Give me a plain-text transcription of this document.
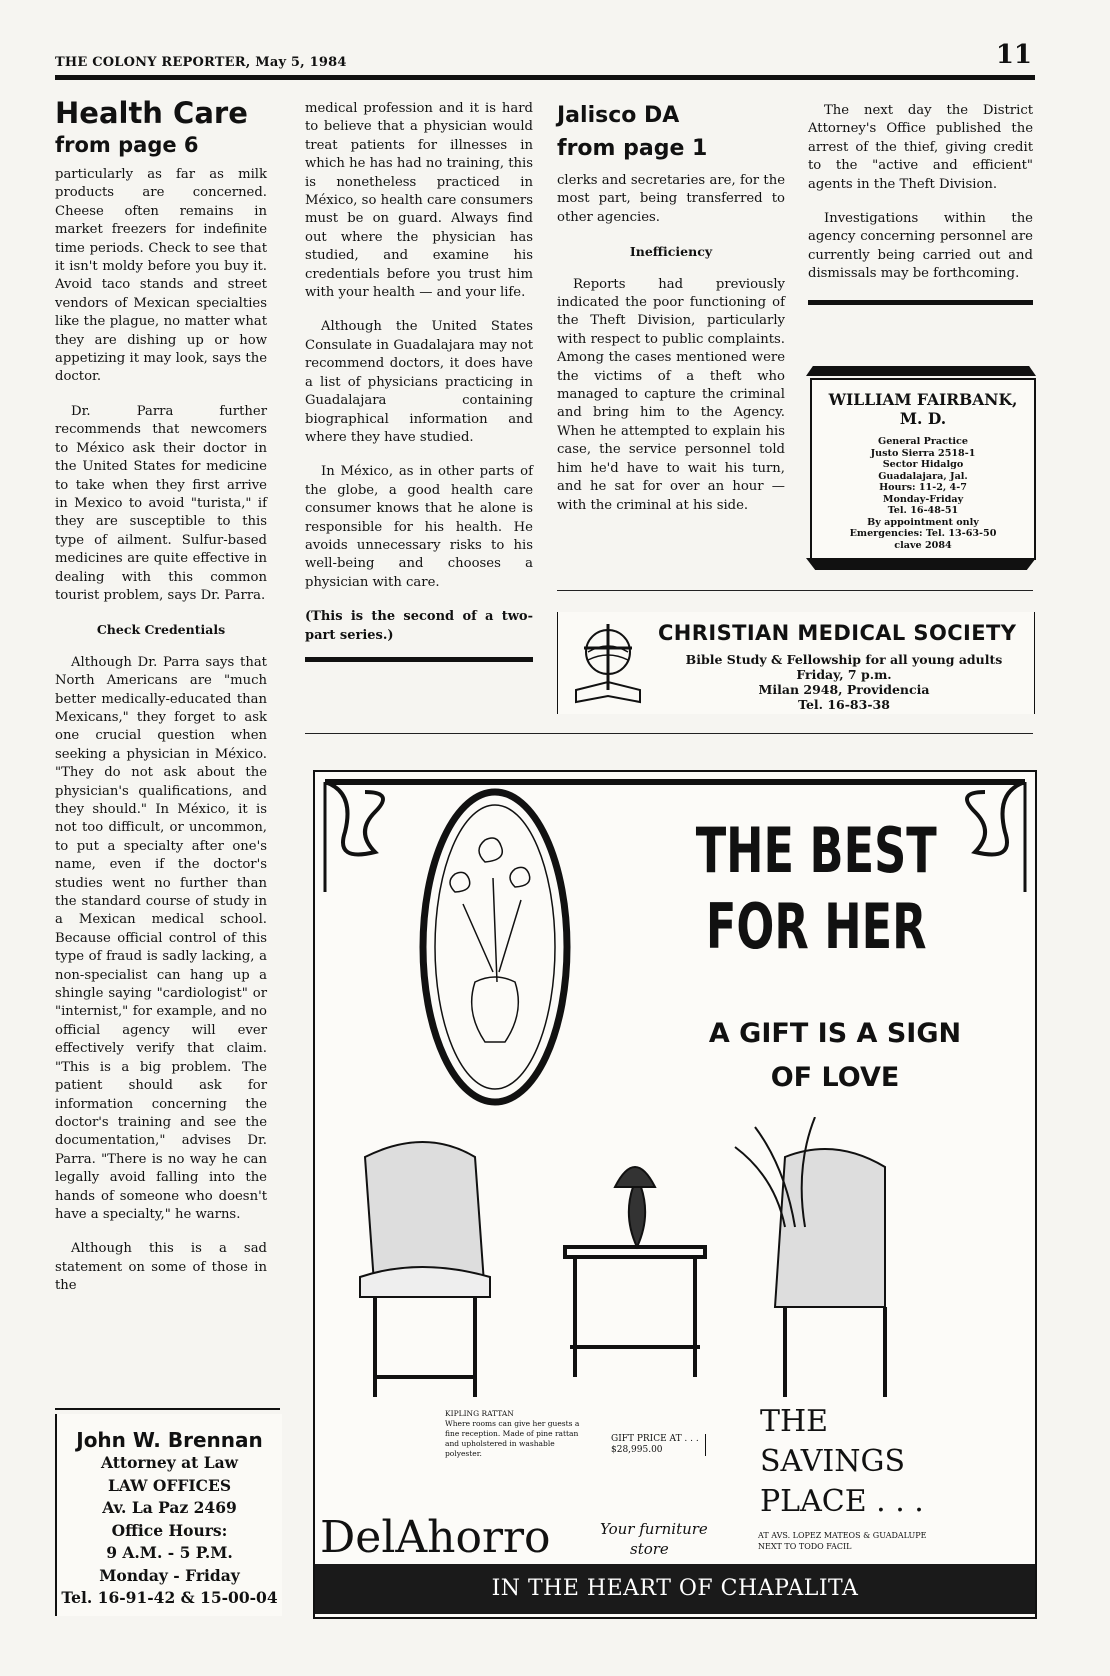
THE COLONY REPORTER, May 5, 1984	11
Health Care
from page 6

particularly as far as milk products are concerned. Cheese often remains in market freezers for indefinite time periods. Check to see that it isn't moldy before you buy it. Avoid taco stands and street vendors of Mexican specialties like the plague, no matter what they are dishing up or how appetizing it may look, says the doctor.

Dr. Parra further recommends that newcomers to México ask their doctor in the United States for medicine to take when they first arrive in Mexico to avoid "turista," if they are susceptible to this type of ailment. Sulfur-based medicines are quite effective in dealing with this common tourist problem, says Dr. Parra.

Check Credentials

Although Dr. Parra says that North Americans are "much better medically-educated than Mexicans," they forget to ask one crucial question when seeking a physician in México. "They do not ask about the physician's qualifications, and they should." In México, it is not too difficult, or uncommon, to put a specialty after one's name, even if the doctor's studies went no further than the standard course of study in a Mexican medical school. Because official control of this type of fraud is sadly lacking, a non-specialist can hang up a shingle saying "cardiologist" or "internist," for example, and no official agency will ever effectively verify that claim. "This is a big problem. The patient should ask for information concerning the doctor's training and see the documentation," advises Dr. Parra. "There is no way he can legally avoid falling into the hands of someone who doesn't have a specialty," he warns.

Although this is a sad statement on some of those in the

John W. Brennan
Attorney at Law
LAW OFFICES
Av. La Paz 2469
Office Hours:
9 A.M. - 5 P.M.
Monday - Friday
Tel. 16-91-42 & 15-00-04

medical profession and it is hard to believe that a physician would treat patients for illnesses in which he has had no training, this is nonetheless practiced in México, so health care consumers must be on guard. Always find out where the physician has studied, and examine his credentials before you trust him with your health — and your life.

Although the United States Consulate in Guadalajara may not recommend doctors, it does have a list of physicians practicing in Guadalajara containing biographical information and where they have studied.

In México, as in other parts of the globe, a good health care consumer knows that he alone is responsible for his health. He avoids unnecessary risks to his well-being and chooses a physician with care.

(This is the second of a two-part series.)

Jalisco DA
from page 1

clerks and secretaries are, for the most part, being transferred to other agencies.

Inefficiency

Reports had previously indicated the poor functioning of the Theft Division, particularly with respect to public complaints. Among the cases mentioned were the victims of a theft who managed to capture the criminal and bring him to the Agency. When he attempted to explain his case, the service personnel told him he'd have to wait his turn, and he sat for over an hour — with the criminal at his side.

The next day the District Attorney's Office published the arrest of the thief, giving credit to the "active and efficient" agents in the Theft Division.

Investigations within the agency concerning personnel are currently being carried out and dismissals may be forthcoming.

WILLIAM FAIRBANK,
M. D.
General Practice
Justo Sierra 2518-1
Sector Hidalgo
Guadalajara, Jal.
Hours: 11-2, 4-7
Monday-Friday
Tel. 16-48-51
By appointment only
Emergencies: Tel. 13-63-50
clave 2084
CHRISTIAN MEDICAL SOCIETY
Bible Study & Fellowship for all young adults
Friday, 7 p.m.
Milan 2948, Providencia
Tel. 16-83-38
THE BEST
FOR HER
A GIFT IS A SIGN
OF LOVE
KIPLING RATTAN
Where rooms can give her guests a fine reception. Made of pine rattan and upholstered in washable polyester.
GIFT PRICE AT . . .
$28,995.00
THE
SAVINGS
PLACE . . .
DelAhorro	Your furniture
store
AT AVS. LOPEZ MATEOS & GUADALUPE
NEXT TO TODO FACIL
IN THE HEART OF CHAPALITA
